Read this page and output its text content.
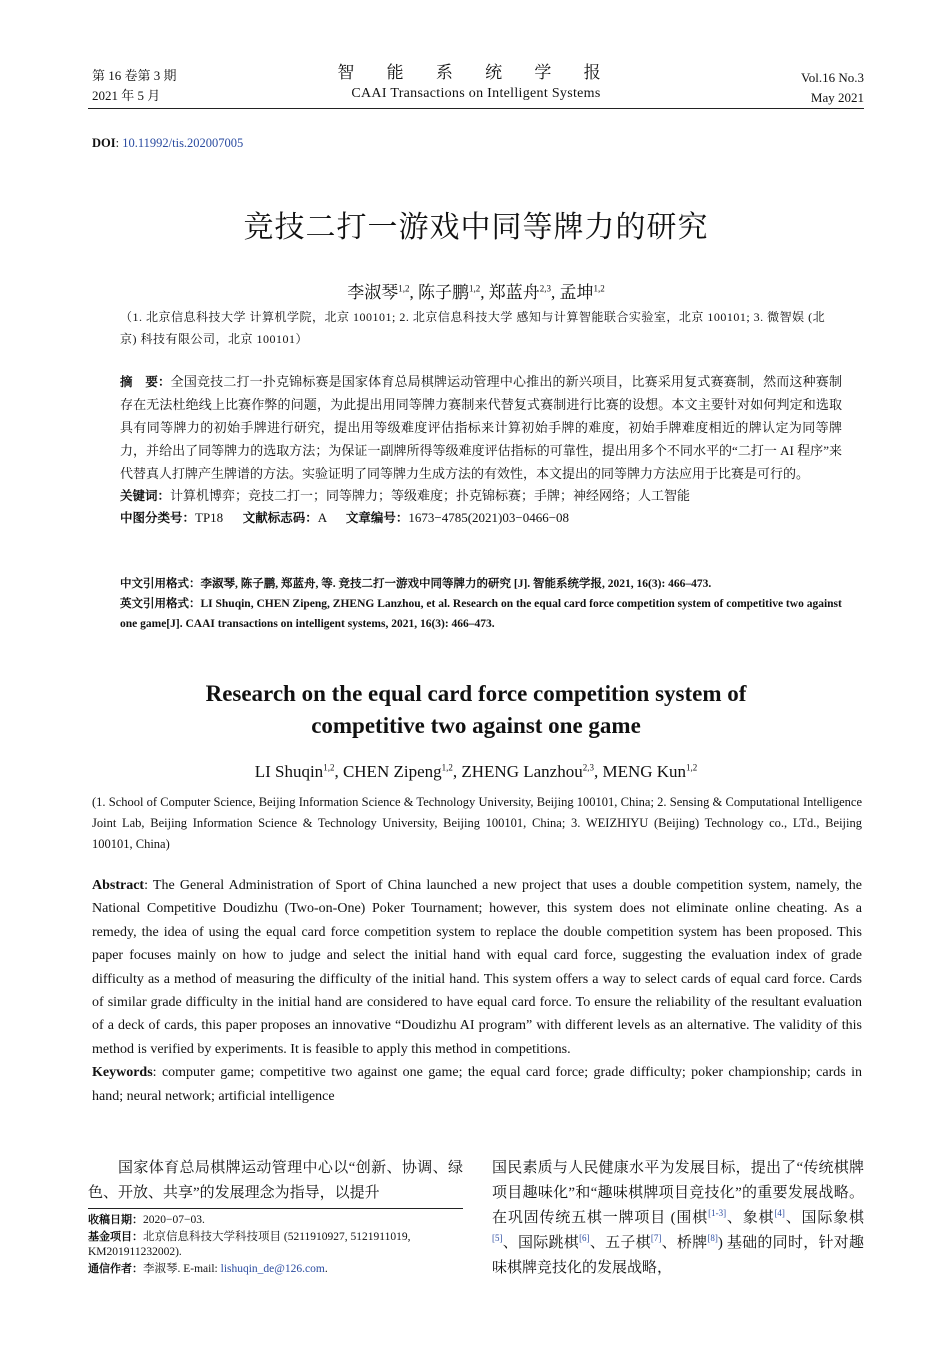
第 16 卷第 3 期
2021 年 5 月
智 能 系 统 学 报
CAAI Transactions on Intelligent Systems
Vol.16 No.3
May 2021
DOI: 10.11992/tis.202007005
竞技二打一游戏中同等牌力的研究
李淑琴$^{1,2}$, 陈子鹏$^{1,2}$, 郑蓝舟$^{2,3}$, 孟坤$^{1,2}$
（1. 北京信息科技大学 计算机学院，北京 100101; 2. 北京信息科技大学 感知与计算智能联合实验室，北京 100101; 3. 微智娱 (北京) 科技有限公司，北京 100101）
摘　要：全国竞技二打一扑克锦标赛是国家体育总局棋牌运动管理中心推出的新兴项目，比赛采用复式赛赛制，然而这种赛制存在无法杜绝线上比赛作弊的问题，为此提出用同等牌力赛制来代替复式赛制进行比赛的设想。本文主要针对如何判定和选取具有同等牌力的初始手牌进行研究，提出用等级难度评估指标来计算初始手牌的难度，初始手牌难度相近的牌认定为同等牌力，并给出了同等牌力的选取方法；为保证一副牌所得等级难度评估指标的可靠性，提出用多个不同水平的“二打一 AI 程序”来代替真人打牌产生牌谱的方法。实验证明了同等牌力生成方法的有效性，本文提出的同等牌力方法应用于比赛是可行的。
关键词：计算机博弈；竞技二打一；同等牌力；等级难度；扑克锦标赛；手牌；神经网络；人工智能
中图分类号：TP18 文献标志码：A 文章编号：1673−4785(2021)03−0466−08
中文引用格式：李淑琴, 陈子鹏, 郑蓝舟, 等. 竞技二打一游戏中同等牌力的研究 [J]. 智能系统学报, 2021, 16(3): 466–473.
英文引用格式：LI Shuqin, CHEN Zipeng, ZHENG Lanzhou, et al. Research on the equal card force competition system of competitive two against one game[J]. CAAI transactions on intelligent systems, 2021, 16(3): 466–473.
Research on the equal card force competition system of
competitive two against one game
LI Shuqin$^{1,2}$, CHEN Zipeng$^{1,2}$, ZHENG Lanzhou$^{2,3}$, MENG Kun$^{1,2}$
(1. School of Computer Science, Beijing Information Science & Technology University, Beijing 100101, China; 2. Sensing & Computational Intelligence Joint Lab, Beijing Information Science & Technology University, Beijing 100101, China; 3. WEIZHIYU (Beijing) Technology co., LTd., Beijing 100101, China)
Abstract: The General Administration of Sport of China launched a new project that uses a double competition system, namely, the National Competitive Doudizhu (Two-on-One) Poker Tournament; however, this system does not eliminate online cheating. As a remedy, the idea of using the equal card force competition system to replace the double competition system has been proposed. This paper focuses mainly on how to judge and select the initial hand with equal card force, suggesting the evaluation index of grade difficulty as a method of measuring the difficulty of the initial hand. This system offers a way to select cards of equal card force. Cards of similar grade difficulty in the initial hand are considered to have equal card force. To ensure the reliability of the resultant evaluation of a deck of cards, this paper proposes an innovative “Doudizhu AI program” with different levels as an alternative. The validity of this method is verified by experiments. It is feasible to apply this method in competitions.
Keywords: computer game; competitive two against one game; the equal card force; grade difficulty; poker championship; cards in hand; neural network; artificial intelligence
国家体育总局棋牌运动管理中心以“创新、协调、绿色、开放、共享”的发展理念为指导，以提升
国民素质与人民健康水平为发展目标，提出了“传统棋牌项目趣味化”和“趣味棋牌项目竞技化”的重要发展战略。在巩固传统五棋一牌项目 (围棋[1-3]、象棋[4]、国际象棋[5]、国际跳棋[6]、五子棋[7]、桥牌[8]) 基础的同时，针对趣味棋牌竞技化的发展战略，
收稿日期：2020−07−03.
基金项目：北京信息科技大学科技项目 (5211910927, 5121911019, KM201911232002).
通信作者：李淑琴. E-mail: lishuqin_de@126.com.
